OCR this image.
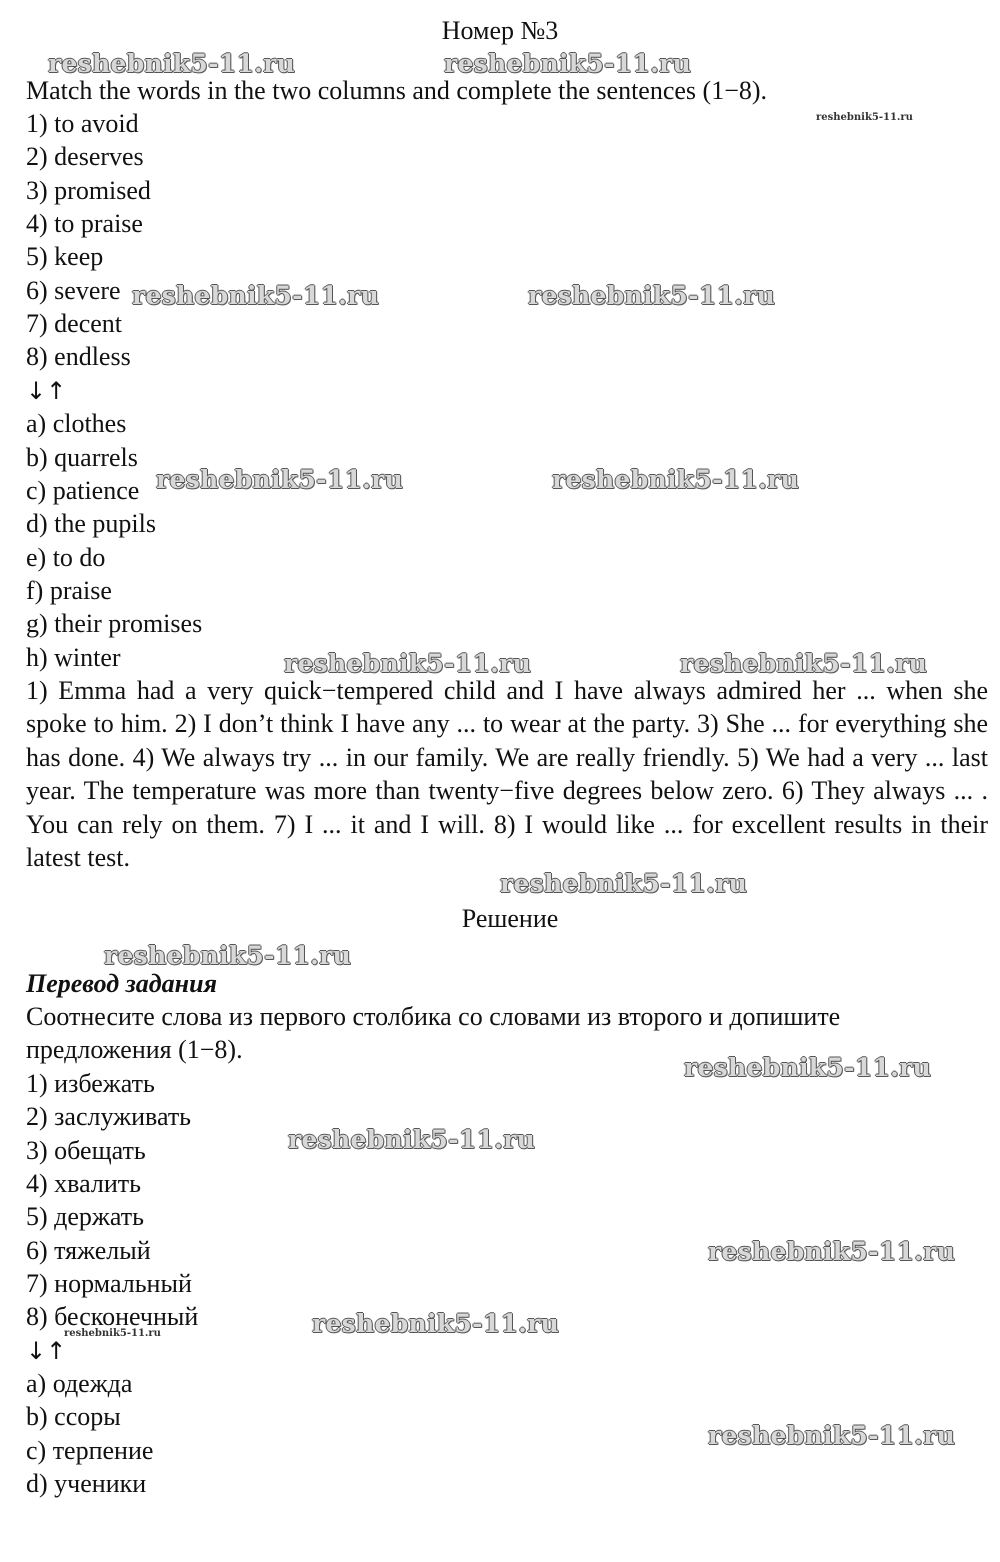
Номер №3
Match the words in the two columns and complete the sentences (1−8).
1) to avoid
2) deserves
3) promised
4) to praise
5) keep
6) severe
7) decent
8) endless
↓↑
a) clothes
b) quarrels
c) patience
d) the pupils
e) to do
f) praise
g) their promises
h) winter
1) Emma had a very quick−tempered child and I have always admired her ... when she spoke to him. 2) I don’t think I have any ... to wear at the party. 3) She ... for everything she has done. 4) We always try ... in our family. We are really friendly. 5) We had a very ... last year. The temperature was more than twenty−five degrees below zero. 6) They always ... . You can rely on them. 7) I ... it and I will. 8) I would like ... for excellent results in their latest test.
Решение
Перевод задания
Соотнесите слова из первого столбика со словами из второго и допишите предложения (1−8).
1) избежать
2) заслуживать
3) обещать
4) хвалить
5) держать
6) тяжелый
7) нормальный
8) бесконечный
↓↑
a) одежда
b) ссоры
c) терпение
d) ученики
reshebnik5-11.ru	reshebnik5-11.ru
reshebnik5-11.ru
reshebnik5-11.ru	reshebnik5-11.ru
reshebnik5-11.ru	reshebnik5-11.ru
reshebnik5-11.ru	reshebnik5-11.ru
reshebnik5-11.ru
reshebnik5-11.ru
reshebnik5-11.ru
reshebnik5-11.ru
reshebnik5-11.ru
reshebnik5-11.ru
reshebnik5-11.ru
reshebnik5-11.ru
